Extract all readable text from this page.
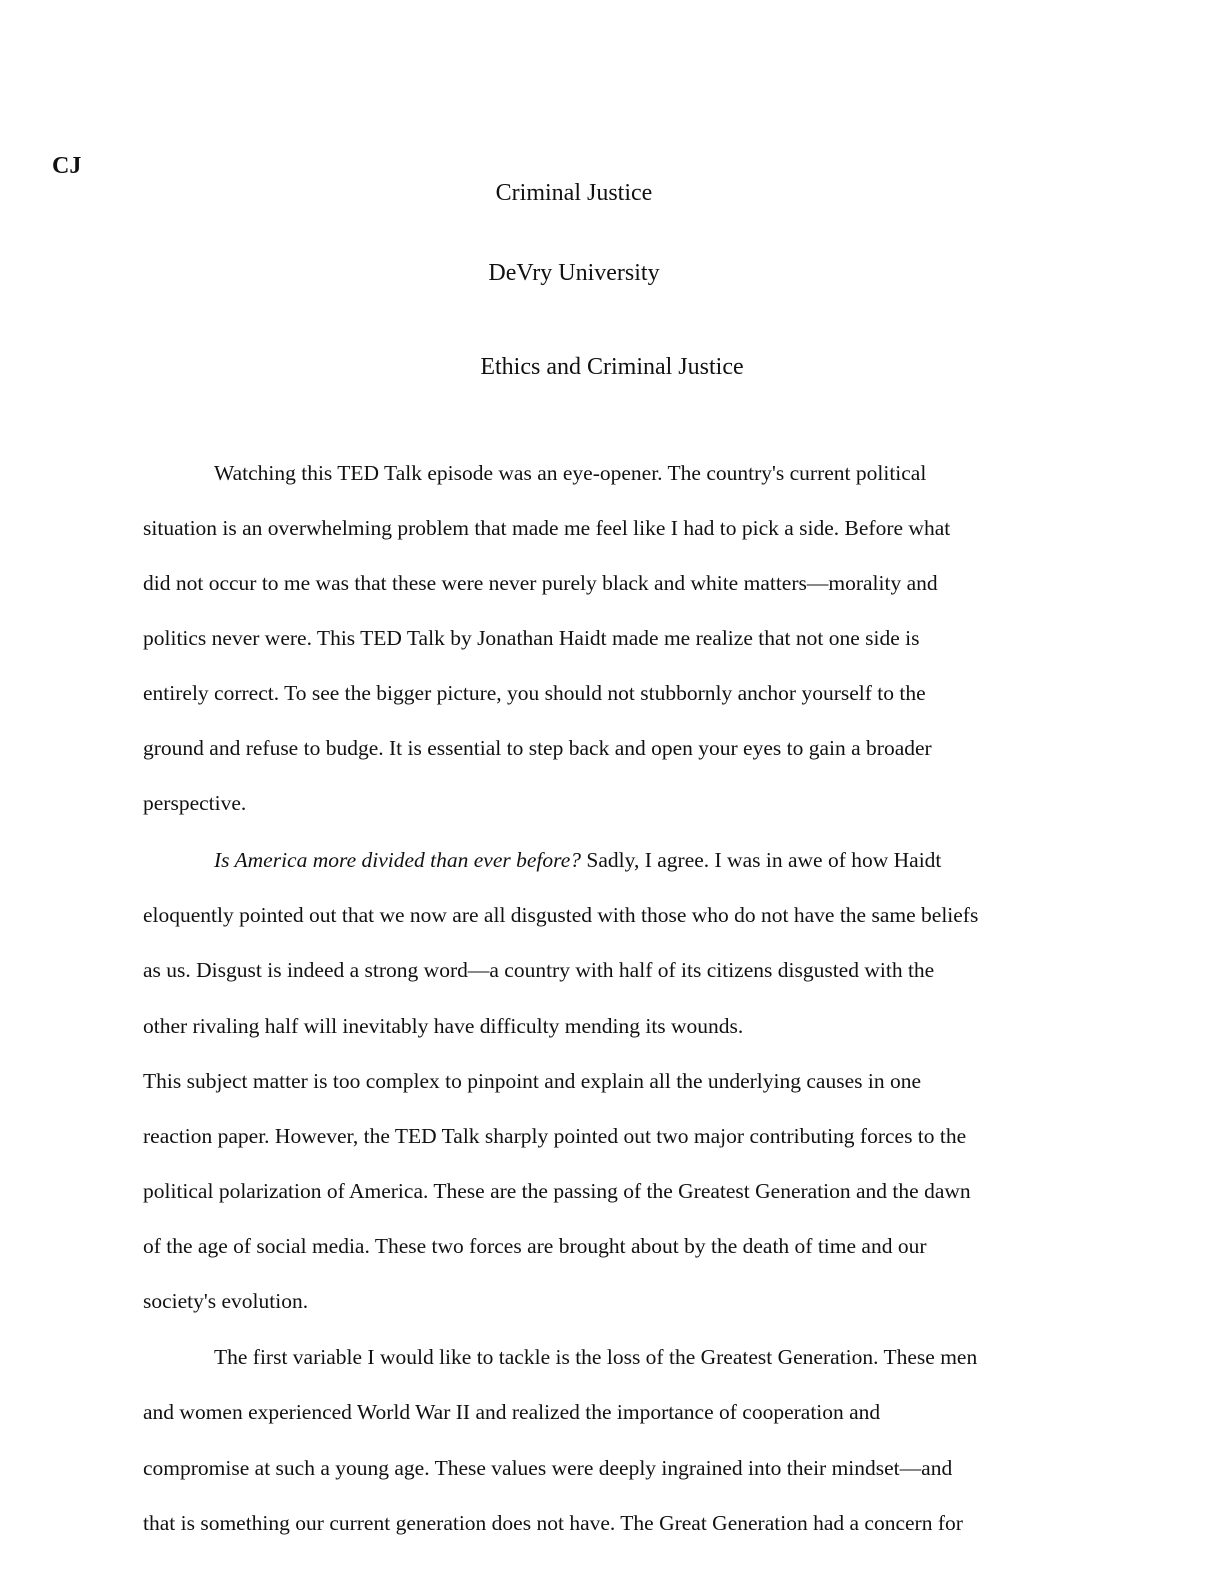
CJ
Criminal Justice
DeVry University
Ethics and Criminal Justice
Watching this TED Talk episode was an eye-opener. The country's current political
situation is an overwhelming problem that made me feel like I had to pick a side. Before what
did not occur to me was that these were never purely black and white matters—morality and
politics never were. This TED Talk by Jonathan Haidt made me realize that not one side is
entirely correct. To see the bigger picture, you should not stubbornly anchor yourself to the
ground and refuse to budge. It is essential to step back and open your eyes to gain a broader
perspective.
Is America more divided than ever before? Sadly, I agree. I was in awe of how Haidt
eloquently pointed out that we now are all disgusted with those who do not have the same beliefs
as us. Disgust is indeed a strong word—a country with half of its citizens disgusted with the
other rivaling half will inevitably have difficulty mending its wounds.
This subject matter is too complex to pinpoint and explain all the underlying causes in one
reaction paper. However, the TED Talk sharply pointed out two major contributing forces to the
political polarization of America. These are the passing of the Greatest Generation and the dawn
of the age of social media. These two forces are brought about by the death of time and our
society's evolution.
The first variable I would like to tackle is the loss of the Greatest Generation. These men
and women experienced World War II and realized the importance of cooperation and
compromise at such a young age. These values were deeply ingrained into their mindset—and
that is something our current generation does not have. The Great Generation had a concern for
